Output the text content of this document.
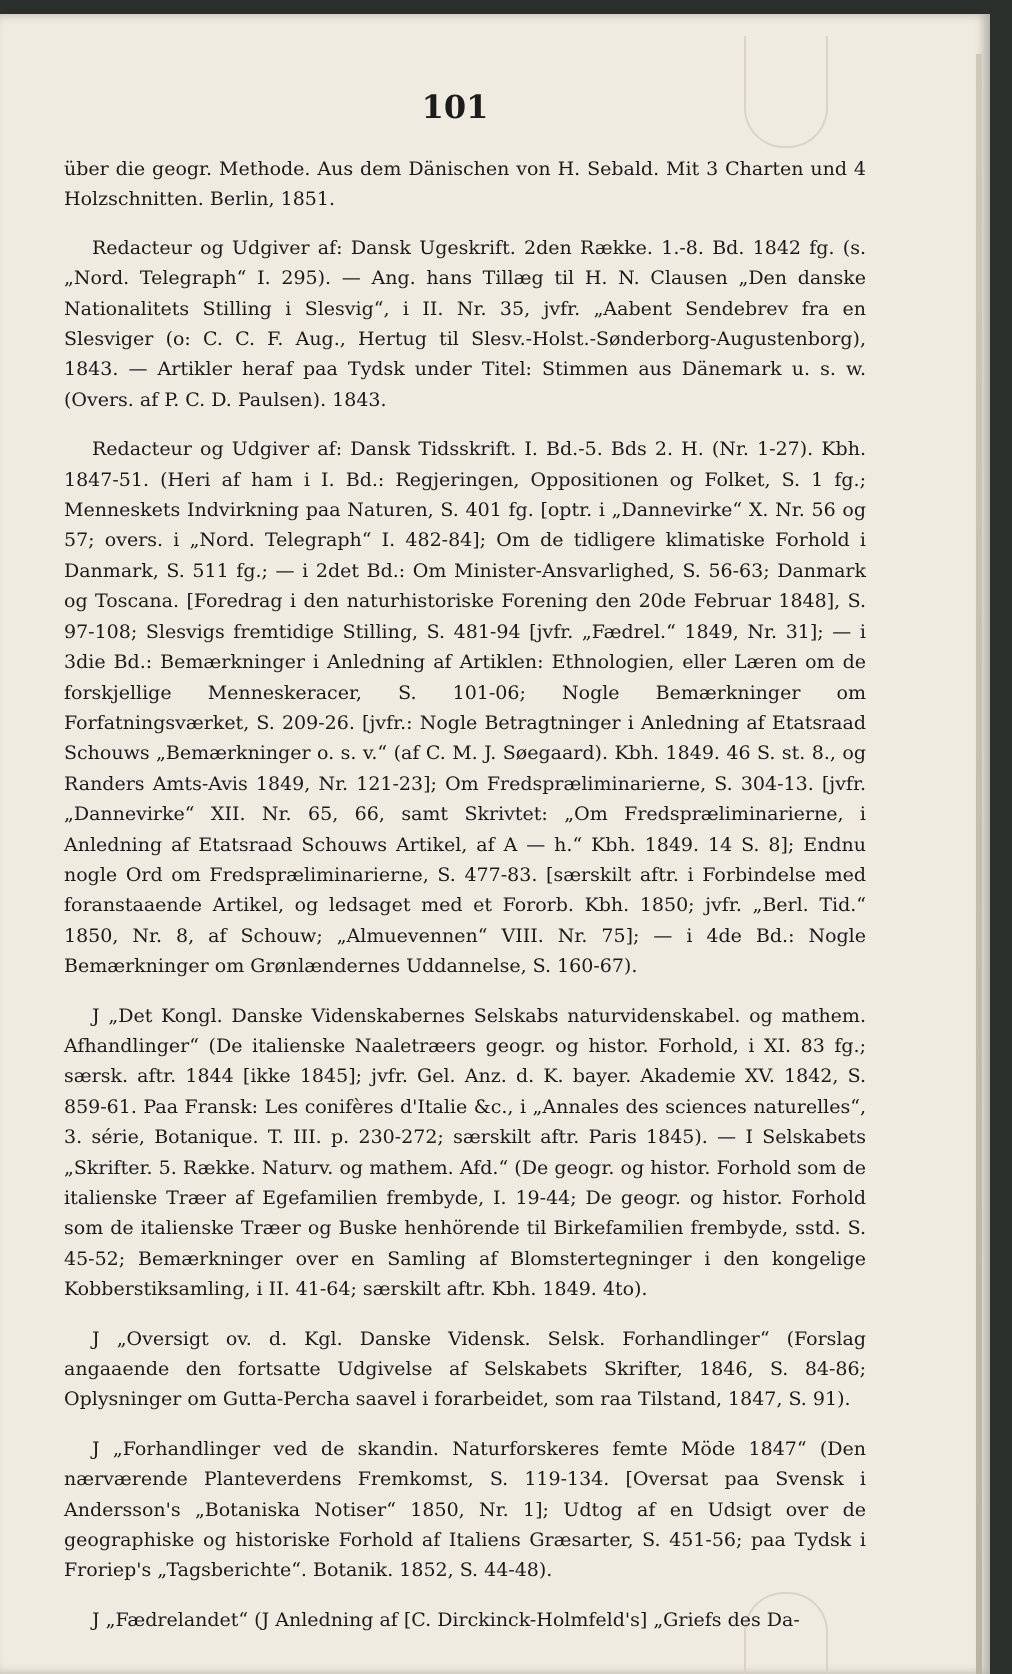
101

über die geogr. Methode. Aus dem Dänischen von H. Sebald. Mit 3 Charten und 4 Holzschnitten. Berlin, 1851.

Redacteur og Udgiver af: Dansk Ugeskrift. 2den Række. 1.-8. Bd. 1842 fg. (s. „Nord. Telegraph“ I. 295). — Ang. hans Tillæg til H. N. Clausen „Den danske Nationalitets Stilling i Slesvig“, i II. Nr. 35, jvfr. „Aabent Sendebrev fra en Slesviger (o: C. C. F. Aug., Hertug til Slesv.-Holst.-Sønderborg-Augustenborg), 1843. — Artikler heraf paa Tydsk under Titel: Stimmen aus Dänemark u. s. w. (Overs. af P. C. D. Paulsen). 1843.

Redacteur og Udgiver af: Dansk Tidsskrift. I. Bd.-5. Bds 2. H. (Nr. 1-27). Kbh. 1847-51. (Heri af ham i I. Bd.: Regjeringen, Oppositionen og Folket, S. 1 fg.; Menneskets Indvirkning paa Naturen, S. 401 fg. [optr. i „Dannevirke“ X. Nr. 56 og 57; overs. i „Nord. Telegraph“ I. 482-84]; Om de tidligere klimatiske Forhold i Danmark, S. 511 fg.; — i 2det Bd.: Om Minister-Ansvarlighed, S. 56-63; Danmark og Toscana. [Foredrag i den naturhistoriske Forening den 20de Februar 1848], S. 97-108; Slesvigs fremtidige Stilling, S. 481-94 [jvfr. „Fædrel.“ 1849, Nr. 31]; — i 3die Bd.: Bemærkninger i Anledning af Artiklen: Ethnologien, eller Læren om de forskjellige Menneskeracer, S. 101-06; Nogle Bemærkninger om Forfatningsværket, S. 209-26. [jvfr.: Nogle Betragtninger i Anledning af Etatsraad Schouws „Bemærkninger o. s. v.“ (af C. M. J. Søegaard). Kbh. 1849. 46 S. st. 8., og Randers Amts-Avis 1849, Nr. 121-23]; Om Fredspræliminarierne, S. 304-13. [jvfr. „Dannevirke“ XII. Nr. 65, 66, samt Skrivtet: „Om Fredspræliminarierne, i Anledning af Etatsraad Schouws Artikel, af A — h.“ Kbh. 1849. 14 S. 8]; Endnu nogle Ord om Fredspræliminarierne, S. 477-83. [særskilt aftr. i Forbindelse med foranstaaende Artikel, og ledsaget med et Fororb. Kbh. 1850; jvfr. „Berl. Tid.“ 1850, Nr. 8, af Schouw; „Almuevennen“ VIII. Nr. 75]; — i 4de Bd.: Nogle Bemærkninger om Grønlændernes Uddannelse, S. 160-67).

J „Det Kongl. Danske Videnskabernes Selskabs naturvidenskabel. og mathem. Afhandlinger“ (De italienske Naaletræers geogr. og histor. Forhold, i XI. 83 fg.; særsk. aftr. 1844 [ikke 1845]; jvfr. Gel. Anz. d. K. bayer. Akademie XV. 1842, S. 859-61. Paa Fransk: Les conifères d'Italie &c., i „Annales des sciences naturelles“, 3. série, Botanique. T. III. p. 230-272; særskilt aftr. Paris 1845). — I Selskabets „Skrifter. 5. Række. Naturv. og mathem. Afd.“ (De geogr. og histor. Forhold som de italienske Træer af Egefamilien frembyde, I. 19-44; De geogr. og histor. Forhold som de italienske Træer og Buske henhörende til Birkefamilien frembyde, sstd. S. 45-52; Bemærkninger over en Samling af Blomstertegninger i den kongelige Kobberstiksamling, i II. 41-64; særskilt aftr. Kbh. 1849. 4to).

J „Oversigt ov. d. Kgl. Danske Vidensk. Selsk. Forhandlinger“ (Forslag angaaende den fortsatte Udgivelse af Selskabets Skrifter, 1846, S. 84-86; Oplysninger om Gutta-Percha saavel i forarbeidet, som raa Tilstand, 1847, S. 91).

J „Forhandlinger ved de skandin. Naturforskeres femte Möde 1847“ (Den nærværende Planteverdens Fremkomst, S. 119-134. [Oversat paa Svensk i Andersson's „Botaniska Notiser“ 1850, Nr. 1]; Udtog af en Udsigt over de geographiske og historiske Forhold af Italiens Græsarter, S. 451-56; paa Tydsk i Froriep's „Tagsberichte“. Botanik. 1852, S. 44-48).

J „Fædrelandet“ (J Anledning af [C. Dirckinck-Holmfeld's] „Griefs des Da-
